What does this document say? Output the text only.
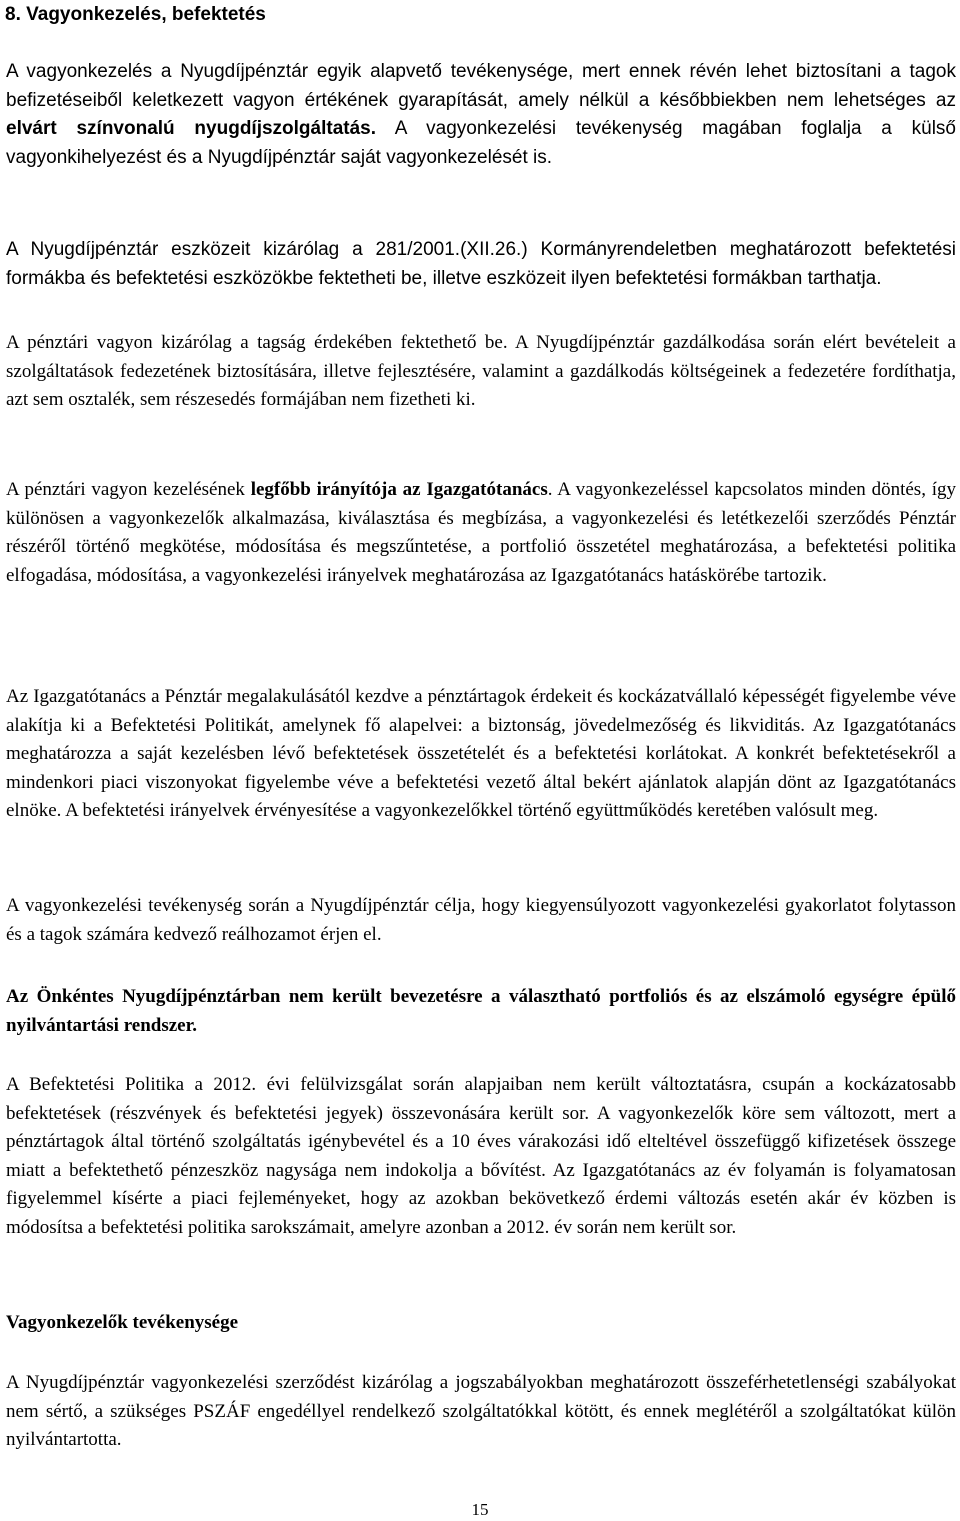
8. Vagyonkezelés, befektetés

A vagyonkezelés a Nyugdíjpénztár egyik alapvető tevékenysége, mert ennek révén lehet biztosítani a tagok befizetéseiből keletkezett vagyon értékének gyarapítását, amely nélkül a későbbiekben nem lehetséges az elvárt színvonalú nyugdíjszolgáltatás. A vagyonkezelési tevékenység magában foglalja a külső vagyonkihelyezést és a Nyugdíjpénztár saját vagyonkezelését is.

A Nyugdíjpénztár eszközeit kizárólag a 281/2001.(XII.26.) Kormányrendeletben meghatározott befektetési formákba és befektetési eszközökbe fektetheti be, illetve eszközeit ilyen befektetési formákban tarthatja.

A pénztári vagyon kizárólag a tagság érdekében fektethető be. A Nyugdíjpénztár gazdálkodása során elért bevételeit a szolgáltatások fedezetének biztosítására, illetve fejlesztésére, valamint a gazdálkodás költségeinek a fedezetére fordíthatja, azt sem osztalék, sem részesedés formájában nem fizetheti ki.

A pénztári vagyon kezelésének legfőbb irányítója az Igazgatótanács. A vagyonkezeléssel kapcsolatos minden döntés, így különösen a vagyonkezelők alkalmazása, kiválasztása és megbízása, a vagyonkezelési és letétkezelői szerződés Pénztár részéről történő megkötése, módosítása és megszűntetése, a portfolió összetétel meghatározása, a befektetési politika elfogadása, módosítása, a vagyonkezelési irányelvek meghatározása az Igazgatótanács hatáskörébe tartozik.

Az Igazgatótanács a Pénztár megalakulásától kezdve a pénztártagok érdekeit és kockázatvállaló képességét figyelembe véve alakítja ki a Befektetési Politikát, amelynek fő alapelvei: a biztonság, jövedelmezőség és likviditás. Az Igazgatótanács meghatározza a saját kezelésben lévő befektetések összetételét és a befektetési korlátokat. A konkrét befektetésekről a mindenkori piaci viszonyokat figyelembe véve a befektetési vezető által bekért ajánlatok alapján dönt az Igazgatótanács elnöke. A befektetési irányelvek érvényesítése a vagyonkezelőkkel történő együttműködés keretében valósult meg.

A vagyonkezelési tevékenység során a Nyugdíjpénztár célja, hogy kiegyensúlyozott vagyonkezelési gyakorlatot folytasson és a tagok számára kedvező reálhozamot érjen el.

Az Önkéntes Nyugdíjpénztárban nem került bevezetésre a választható portfoliós és az elszámoló egységre épülő nyilvántartási rendszer.

A Befektetési Politika a 2012. évi felülvizsgálat során alapjaiban nem került változtatásra, csupán a kockázatosabb befektetések (részvények és befektetési jegyek) összevonására került sor. A vagyonkezelők köre sem változott, mert a pénztártagok által történő szolgáltatás igénybevétel és a 10 éves várakozási idő elteltével összefüggő kifizetések összege miatt a befektethető pénzeszköz nagysága nem indokolja a bővítést. Az Igazgatótanács az év folyamán is folyamatosan figyelemmel kísérte a piaci fejleményeket, hogy az azokban bekövetkező érdemi változás esetén akár év közben is módosítsa a befektetési politika sarokszámait, amelyre azonban a 2012. év során nem került sor.

Vagyonkezelők tevékenysége

A Nyugdíjpénztár vagyonkezelési szerződést kizárólag a jogszabályokban meghatározott összeférhetetlenségi szabályokat nem sértő, a szükséges PSZÁF engedéllyel rendelkező szolgáltatókkal kötött, és ennek meglétéről a szolgáltatókat külön nyilvántartotta.

15
